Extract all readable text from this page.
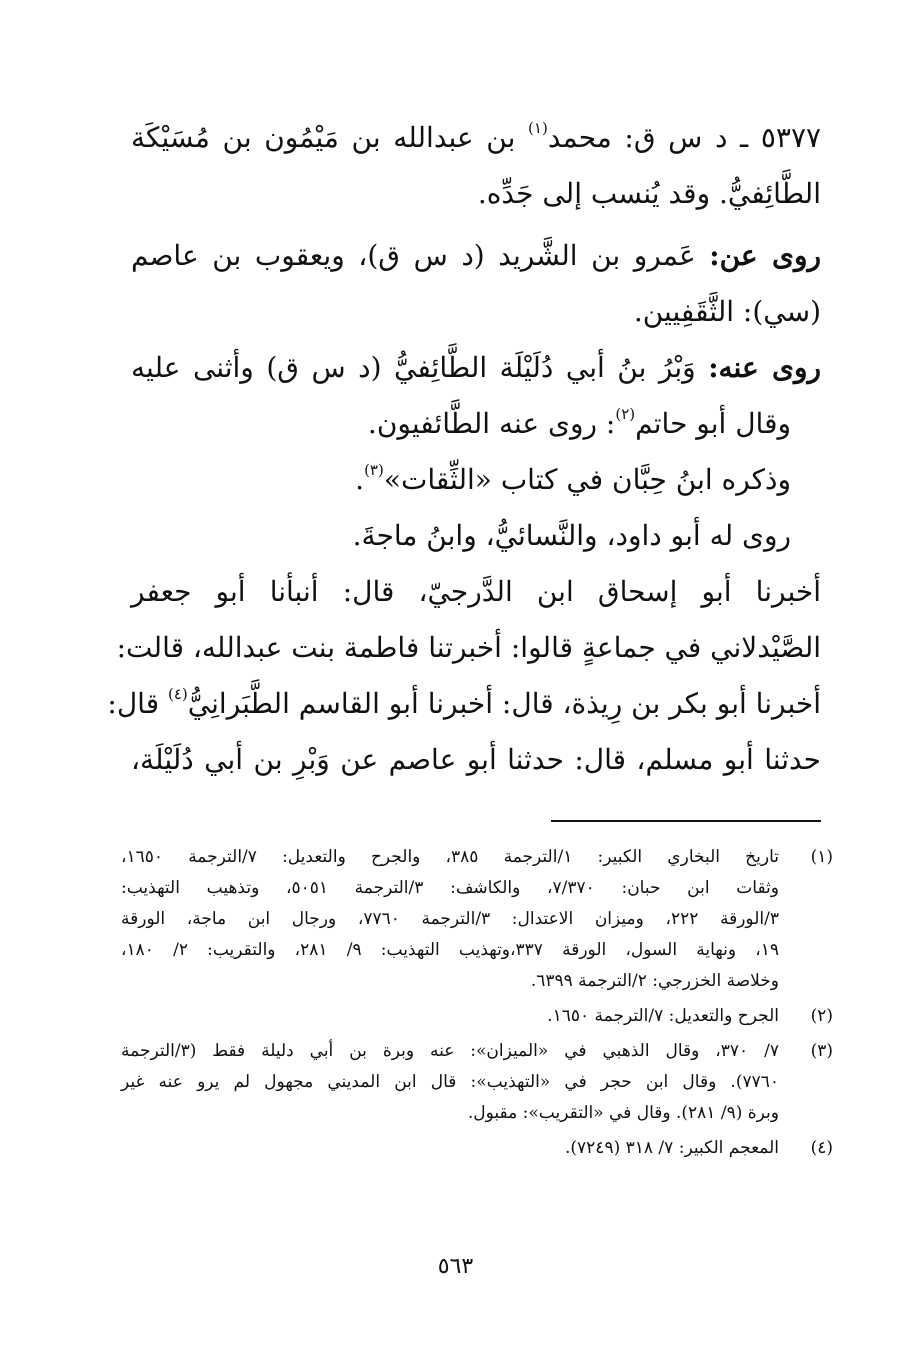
٥٣٧٧ ـ د س ق: محمد$^{(١)}$ بن عبدالله بن مَيْمُون بن مُسَيْكَة
الطَّائِفيُّ. وقد يُنسب إلى جَدِّه.
روى عن: عَمرو بن الشَّريد (د س ق)، ويعقوب بن عاصم
(سي): الثَّقَفِيين.
روى عنه: وَبْرُ بنُ أبي دُلَيْلَة الطَّائِفيُّ (د س ق) وأثنى عليه
وقال أبو حاتم$^{(٢)}$: روى عنه الطَّائفيون.
وذكره ابنُ حِبَّان في كتاب «الثِّقات»$^{(٣)}$.
روى له أبو داود، والنَّسائيُّ، وابنُ ماجةَ.
أخبرنا أبو إسحاق ابن الدَّرجيّ، قال: أنبأنا أبو جعفر
الصَّيْدلاني في جماعةٍ قالوا: أخبرتنا فاطمة بنت عبدالله، قالت:
أخبرنا أبو بكر بن رِيذة، قال: أخبرنا أبو القاسم الطَّبَرانِيُّ$^{(٤)}$ قال:
حدثنا أبو مسلم، قال: حدثنا أبو عاصم عن وَبْرِ بن أبي دُلَيْلَة،
(١)
تاريخ البخاري الكبير: ١/الترجمة ٣٨٥، والجرح والتعديل: ٧/الترجمة ١٦٥٠،
وثقات ابن حبان: ٧/٣٧٠، والكاشف: ٣/الترجمة ٥٠٥١، وتذهيب التهذيب:
٣/الورقة ٢٢٢، وميزان الاعتدال: ٣/الترجمة ٧٧٦٠، ورجال ابن ماجة، الورقة
١٩، ونهاية السول، الورقة ٣٣٧،وتهذيب التهذيب: ٩/ ٢٨١، والتقريب: ٢/ ١٨٠،
وخلاصة الخزرجي: ٢/الترجمة ٦٣٩٩.
(٢)
الجرح والتعديل: ٧/الترجمة ١٦٥٠.
(٣)
٧/ ٣٧٠، وقال الذهبي في «الميزان»: عنه وبرة بن أبي دليلة فقط (٣/الترجمة
٧٧٦٠). وقال ابن حجر في «التهذيب»: قال ابن المديني مجهول لم يرو عنه غير
وبرة (٩/ ٢٨١). وقال في «التقريب»: مقبول.
(٤)
المعجم الكبير: ٧/ ٣١٨ (٧٢٤٩).
٥٦٣
